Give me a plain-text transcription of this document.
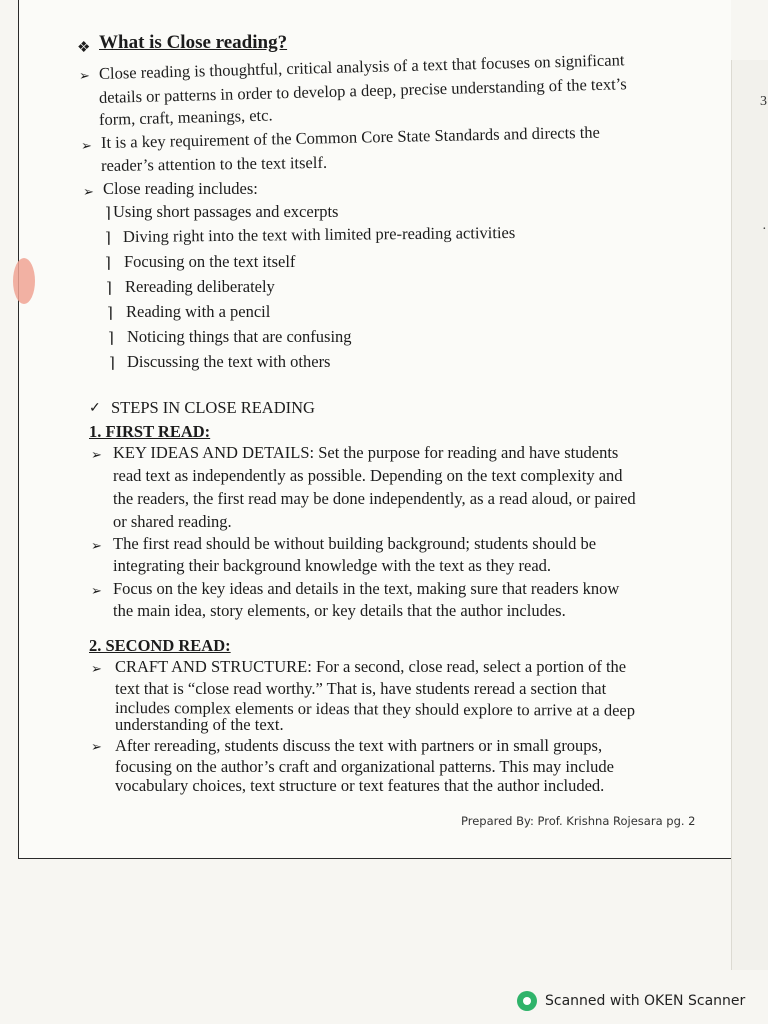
3
·
❖ What is Close reading?
➢ Close reading is thoughtful, critical analysis of a text that focuses on significant
details or patterns in order to develop a deep, precise understanding of the text’s
form, craft, meanings, etc.
➢ It is a key requirement of the Common Core State Standards and directs the
reader’s attention to the text itself.
➢ Close reading includes:
⌉ Using short passages and excerpts
⌉ Diving right into the text with limited pre-reading activities
⌉ Focusing on the text itself
⌉ Rereading deliberately
⌉ Reading with a pencil
⌉ Noticing things that are confusing
⌉ Discussing the text with others
✓ STEPS IN CLOSE READING
1. FIRST READ:
➢ KEY IDEAS AND DETAILS: Set the purpose for reading and have students
read text as independently as possible. Depending on the text complexity and
the readers, the first read may be done independently, as a read aloud, or paired
or shared reading.
➢ The first read should be without building background; students should be
integrating their background knowledge with the text as they read.
➢ Focus on the key ideas and details in the text, making sure that readers know
the main idea, story elements, or key details that the author includes.
2. SECOND READ:
➢ CRAFT AND STRUCTURE: For a second, close read, select a portion of the
text that is “close read worthy.” That is, have students reread a section that
includes complex elements or ideas that they should explore to arrive at a deep
understanding of the text.
➢ After rereading, students discuss the text with partners or in small groups,
focusing on the author’s craft and organizational patterns. This may include
vocabulary choices, text structure or text features that the author included.
Prepared By: Prof. Krishna Rojesara pg. 2
Scanned with OKEN Scanner
